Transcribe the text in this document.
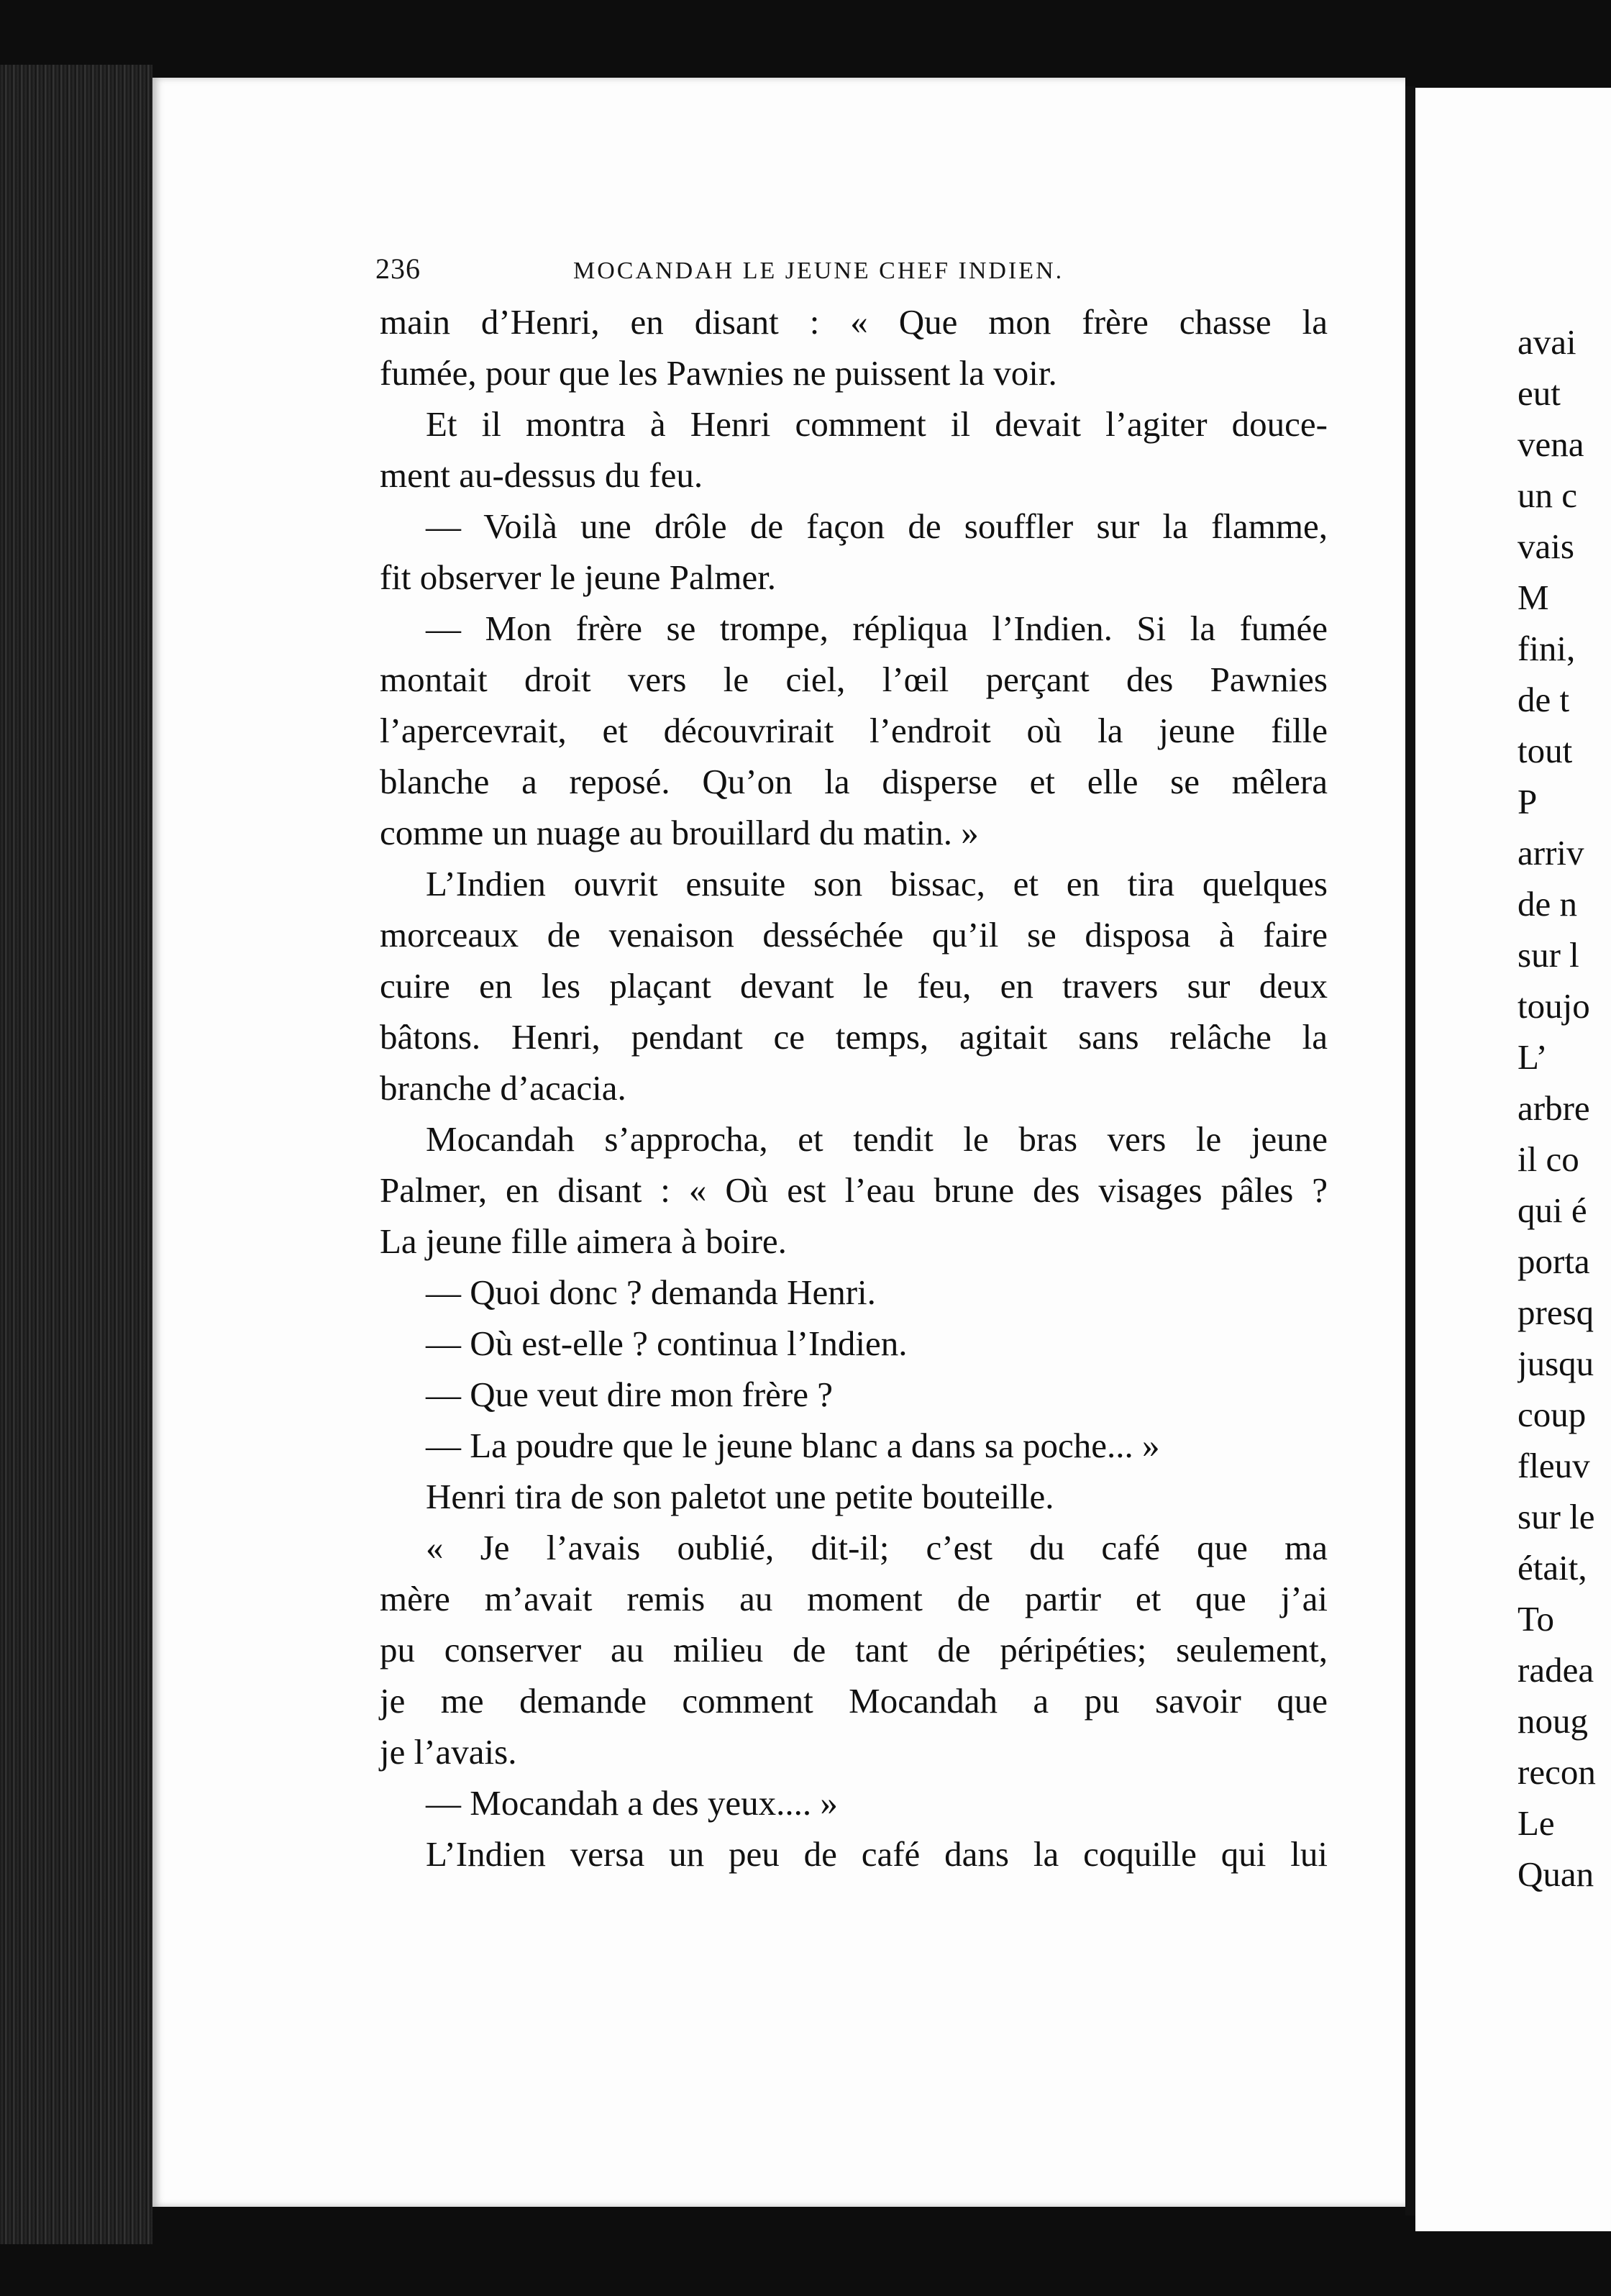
236	MOCANDAH LE JEUNE CHEF INDIEN.
main d’Henri, en disant : « Que mon frère chasse la
fumée, pour que les Pawnies ne puissent la voir.
Et il montra à Henri comment il devait l’agiter douce-
ment au-dessus du feu.
— Voilà une drôle de façon de souffler sur la flamme,
fit observer le jeune Palmer.
— Mon frère se trompe, répliqua l’Indien. Si la fumée
montait droit vers le ciel, l’œil perçant des Pawnies
l’apercevrait, et découvrirait l’endroit où la jeune fille
blanche a reposé. Qu’on la disperse et elle se mêlera
comme un nuage au brouillard du matin. »
L’Indien ouvrit ensuite son bissac, et en tira quelques
morceaux de venaison desséchée qu’il se disposa à faire
cuire en les plaçant devant le feu, en travers sur deux
bâtons. Henri, pendant ce temps, agitait sans relâche la
branche d’acacia.
Mocandah s’approcha, et tendit le bras vers le jeune
Palmer, en disant : « Où est l’eau brune des visages pâles ?
La jeune fille aimera à boire.
— Quoi donc ? demanda Henri.
— Où est-elle ? continua l’Indien.
— Que veut dire mon frère ?
— La poudre que le jeune blanc a dans sa poche... »
Henri tira de son paletot une petite bouteille.
« Je l’avais oublié, dit-il; c’est du café que ma
mère m’avait remis au moment de partir et que j’ai
pu conserver au milieu de tant de péripéties; seulement,
je me demande comment Mocandah a pu savoir que
je l’avais.
— Mocandah a des yeux.... »
L’Indien versa un peu de café dans la coquille qui lui
avai
eut
vena
un c
vais
M
fini,
de t
tout
P
arriv
de n
sur l
toujo
L’
arbre
il co
qui é
porta
presq
jusqu
coup
fleuv
sur le
était,
To
radea
noug
recon
Le
Quan
